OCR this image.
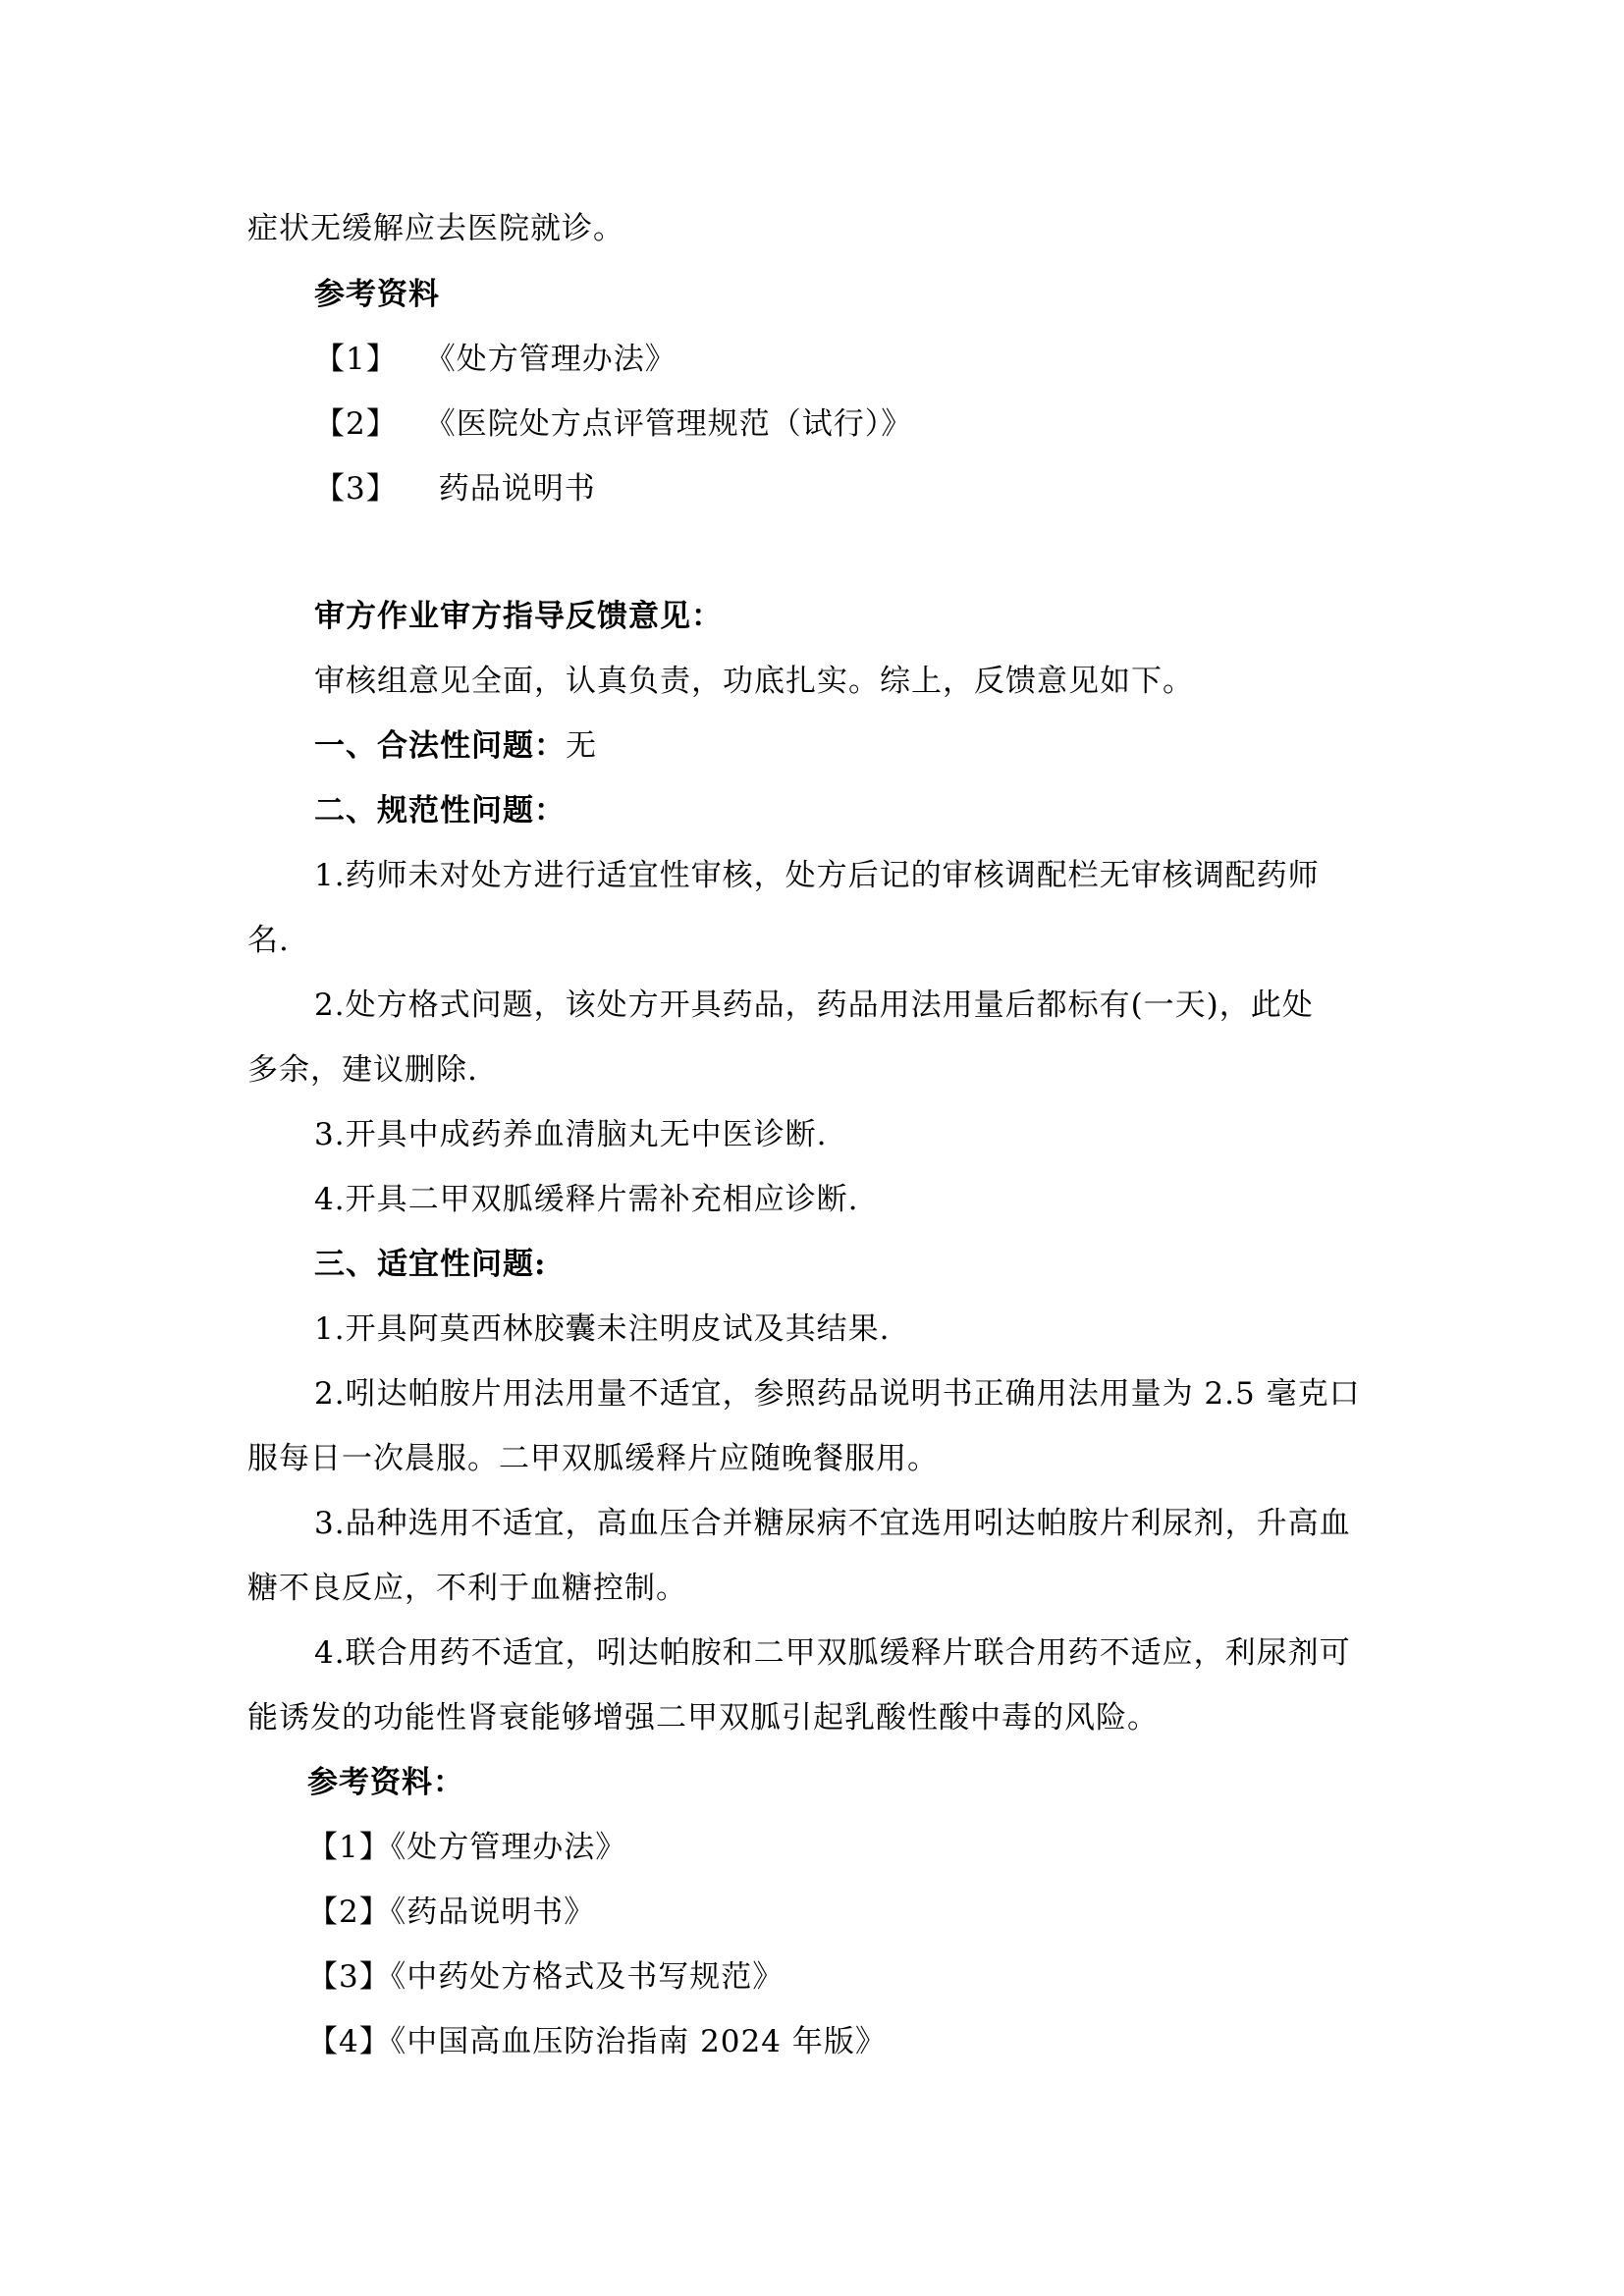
症状无缓解应去医院就诊。
参考资料
【1】 《处方管理办法》
【2】 《医院处方点评管理规范（试行）》
【3】 药品说明书
审方作业审方指导反馈意见：
审核组意见全面，认真负责，功底扎实。综上，反馈意见如下。
一、合法性问题：无
二、规范性问题：
1.药师未对处方进行适宜性审核，处方后记的审核调配栏无审核调配药师
名.
2.处方格式问题，该处方开具药品，药品用法用量后都标有(一天)，此处
多余，建议删除.
3.开具中成药养血清脑丸无中医诊断.
4.开具二甲双胍缓释片需补充相应诊断.
三、适宜性问题:
1.开具阿莫西林胶囊未注明皮试及其结果.
2.吲达帕胺片用法用量不适宜，参照药品说明书正确用法用量为 2.5 毫克口
服每日一次晨服。二甲双胍缓释片应随晚餐服用。
3.品种选用不适宜，高血压合并糖尿病不宜选用吲达帕胺片利尿剂，升高血
糖不良反应，不利于血糖控制。
4.联合用药不适宜，吲达帕胺和二甲双胍缓释片联合用药不适应，利尿剂可
能诱发的功能性肾衰能够增强二甲双胍引起乳酸性酸中毒的风险。
参考资料：
【1】《处方管理办法》
【2】《药品说明书》
【3】《中药处方格式及书写规范》
【4】《中国高血压防治指南 2024 年版》
